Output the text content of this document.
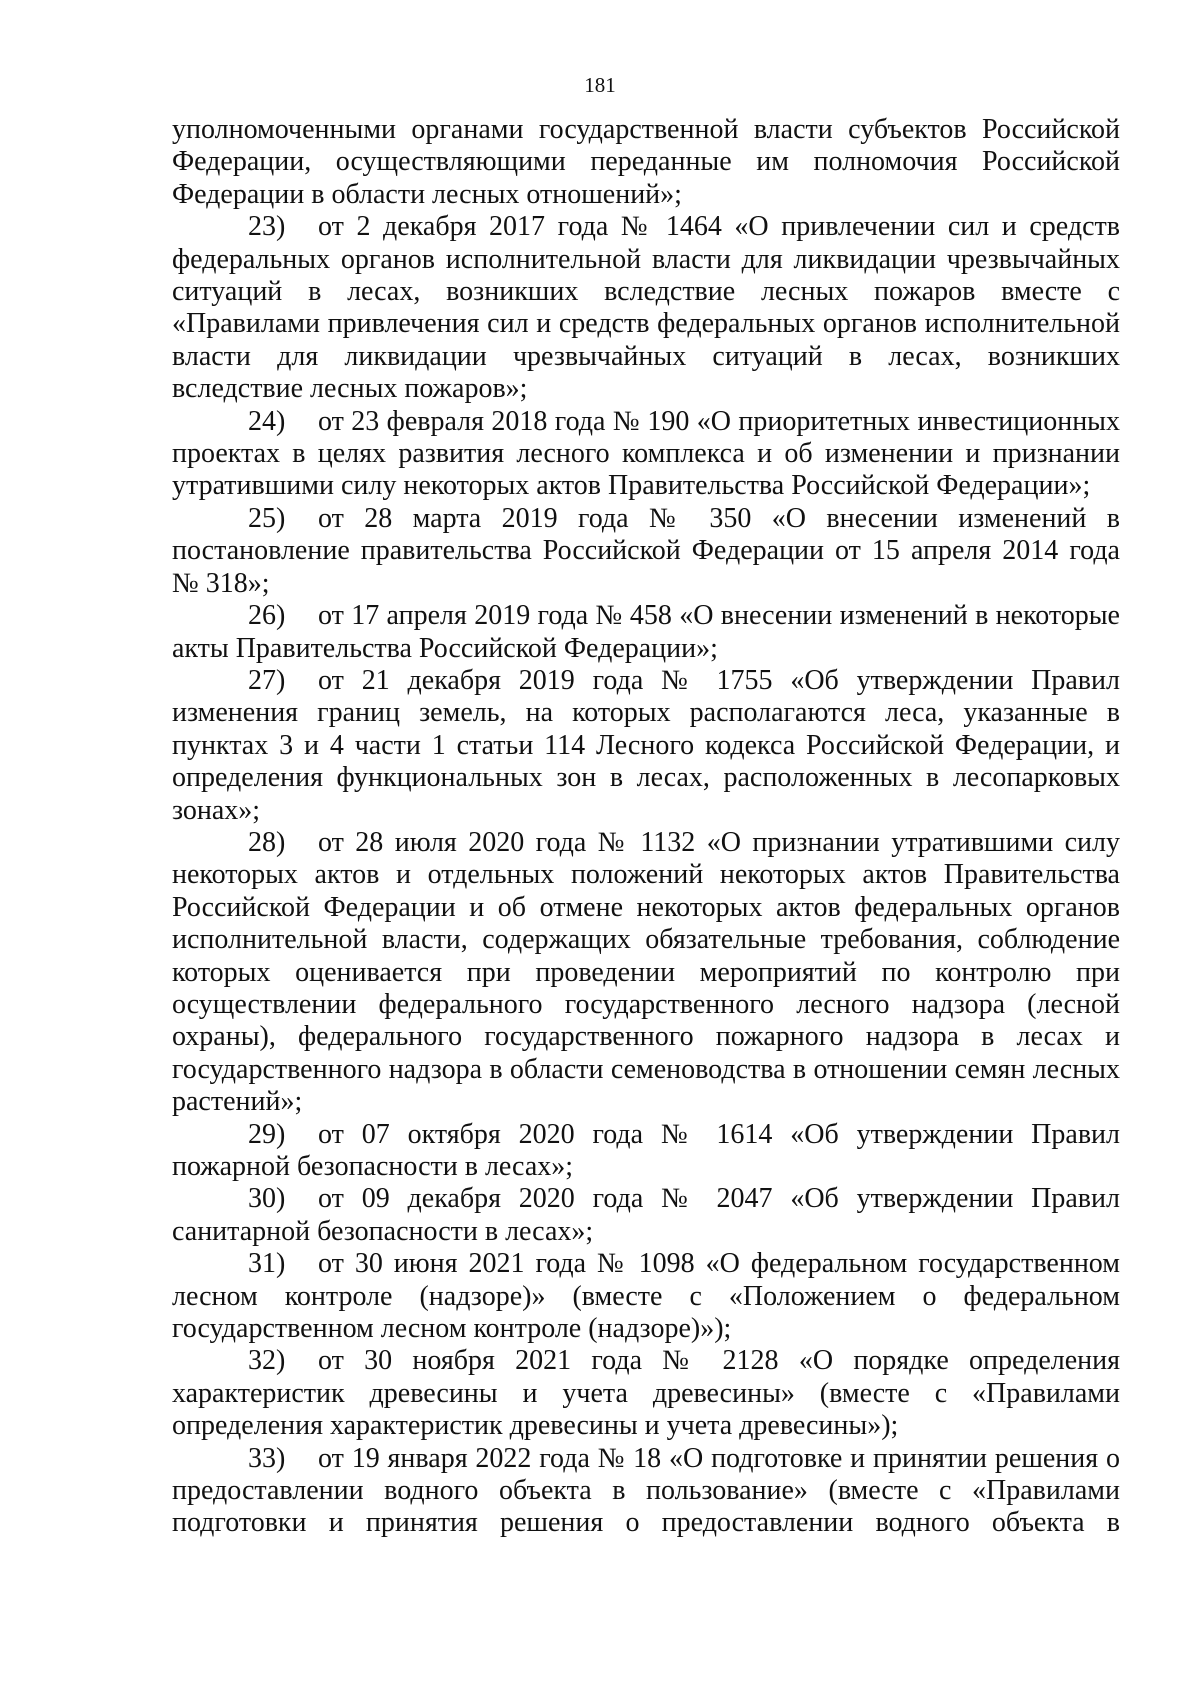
181

уполномоченными органами государственной власти субъектов Российской Федерации, осуществляющими переданные им полномочия Российской Федерации в области лесных отношений»;

23) от 2 декабря 2017 года № 1464 «О привлечении сил и средств федеральных органов исполнительной власти для ликвидации чрезвычайных ситуаций в лесах, возникших вследствие лесных пожаров вместе с «Правилами привлечения сил и средств федеральных органов исполнительной власти для ликвидации чрезвычайных ситуаций в лесах, возникших вследствие лесных пожаров»;

24) от 23 февраля 2018 года № 190 «О приоритетных инвестиционных проектах в целях развития лесного комплекса и об изменении и признании утратившими силу некоторых актов Правительства Российской Федерации»;

25) от 28 марта 2019 года № 350 «О внесении изменений в постановление правительства Российской Федерации от 15 апреля 2014 года № 318»;

26) от 17 апреля 2019 года № 458 «О внесении изменений в некоторые акты Правительства Российской Федерации»;

27) от 21 декабря 2019 года № 1755 «Об утверждении Правил изменения границ земель, на которых располагаются леса, указанные в пунктах 3 и 4 части 1 статьи 114 Лесного кодекса Российской Федерации, и определения функциональных зон в лесах, расположенных в лесопарковых зонах»;

28) от 28 июля 2020 года № 1132 «О признании утратившими силу некоторых актов и отдельных положений некоторых актов Правительства Российской Федерации и об отмене некоторых актов федеральных органов исполнительной власти, содержащих обязательные требования, соблюдение которых оценивается при проведении мероприятий по контролю при осуществлении федерального государственного лесного надзора (лесной охраны), федерального государственного пожарного надзора в лесах и государственного надзора в области семеноводства в отношении семян лесных растений»;

29) от 07 октября 2020 года № 1614 «Об утверждении Правил пожарной безопасности в лесах»;

30) от 09 декабря 2020 года № 2047 «Об утверждении Правил санитарной безопасности в лесах»;

31) от 30 июня 2021 года № 1098 «О федеральном государственном лесном контроле (надзоре)» (вместе с «Положением о федеральном государственном лесном контроле (надзоре)»);

32) от 30 ноября 2021 года № 2128 «О порядке определения характеристик древесины и учета древесины» (вместе с «Правилами определения характеристик древесины и учета древесины»);

33) от 19 января 2022 года № 18 «О подготовке и принятии решения о предоставлении водного объекта в пользование» (вместе с «Правилами подготовки и принятия решения о предоставлении водного объекта в
